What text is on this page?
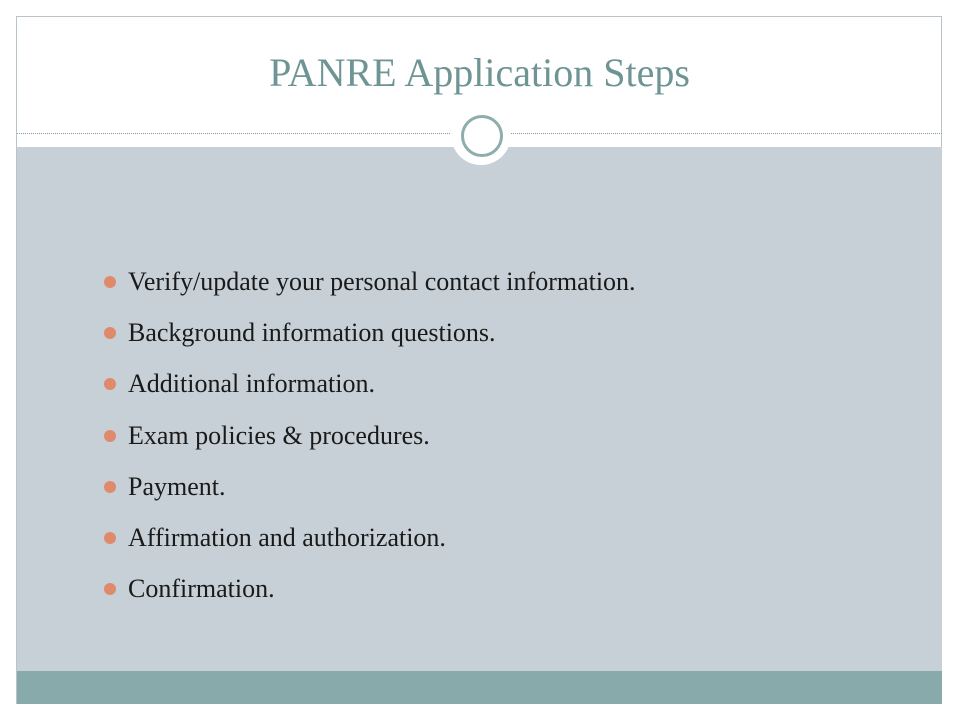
PANRE Application Steps
Verify/update your personal contact information.
Background information questions.
Additional information.
Exam policies & procedures.
Payment.
Affirmation and authorization.
Confirmation.
